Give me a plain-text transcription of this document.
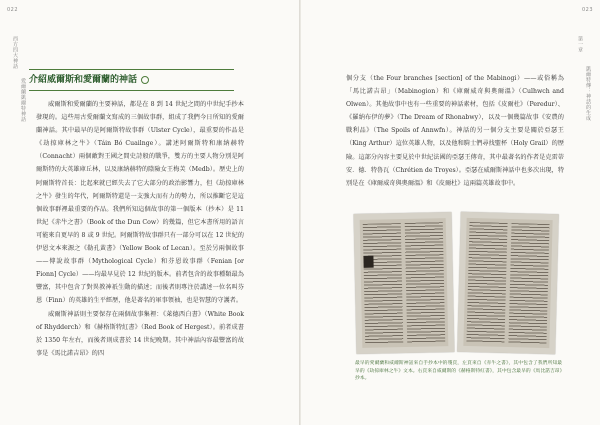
022
西方四大神話
愛爾蘭凱爾特神話 介紹威爾斯和愛爾蘭的神話

威爾斯和愛爾蘭的主要神話，都是在 8 到 14 世紀之間的中世紀手抄本發現的。這些用古愛爾蘭文寫成的三個故事群，組成了我們今日所知的愛爾蘭神話。其中最早的是阿爾斯特故事群（Ulster Cycle），最重要的作品是《劫掠庫林之牛》（Táin Bó Cuailnge）。講述阿爾斯特和康納赫特（Connacht）兩個敵對王國之間史詩般的戰爭，雙方的主要人物分別是阿爾斯特的大英雄庫丘林，以及康納赫特的陰險女王梅芙（Medb）。歷史上的阿爾斯特首長：比起來就已經失去了它大部分的政治影響力，但《劫掠庫林之牛》發生的年代，阿爾斯特還是一支強大而有力的勢力，所以推斷它是這個故事群裡最重要的作品。我們所知這個故事的第一個版本（抄本）是 11 世紀《赤牛之書》（Book of the Dun Cow）的幾篇，但它本書所用的語言可能來自更早的 8 或 9 世紀。阿爾斯特故事群只有一部分可以在 12 世紀的伊恩文本來源之《勒孔黃書》（Yellow Book of Lecan）。至於另兩個故事——傳說故事群（Mythological Cycle）和芬恩故事群（Fenian [or Fionn] Cycle）——均最早見於 12 世紀的版本。前者包含的故事種類最為豐富，其中包含了對異教神祇生動的描述；而後者則專注於講述一位名叫芬恩（Finn）的英雄的生平經歷，他是著名的軍事領袖，也是智慧的守護者。

威爾斯神話則主要保存在兩個故事集裡：《萊德西白書》（White Book of Rhydderch）和《赫格斯特紅書》（Red Book of Hergest）。前者成書於 1350 年左右，而後者則成書於 14 世紀晚期。其中神話內容最豐富的故事是《馬比諾吉昂》的四

023
第一章
凱爾特傳：神話的生成

個分支（the Four branches [section] of the Mabinogi）——或俗稱為「馬比諾吉昂」（Mabinogion）和《庫爾威奇與奧爾溫》（Culhwch and Olwen）。其他故事中也有一些重要的神話素材，包括《皮爾杜》（Peredur）、《羅納布伊的夢》（The Dream of Rhonabwy），以及一個幾篇故事《安農的戰利品》（The Spoils of Annwfn）。神話的另一個分支主要是關於亞瑟王（King Arthur）這位英雄人物，以及他和騎士們尋找聖杯（Holy Grail）的歷險。這部分內容主要見於中世紀法國的亞瑟王傳奇，其中最著名的作者是克雷蒂安．德．特魯瓦（Chrétien de Troyes）。亞瑟在威爾斯神話中也多次出現，特別是在《庫爾威奇與奧爾溫》和《皮爾杜》這兩篇英雄故事中。

最早的愛爾蘭和威爾斯神話來自手抄本中的殘頁，左頁來自《赤牛之書》，其中包含了我們所知最早的《劫掠庫林之牛》文本。右頁來自威爾斯的《赫格斯特紅書》，其中包含最早的《馬比諾吉昂》抄本。
